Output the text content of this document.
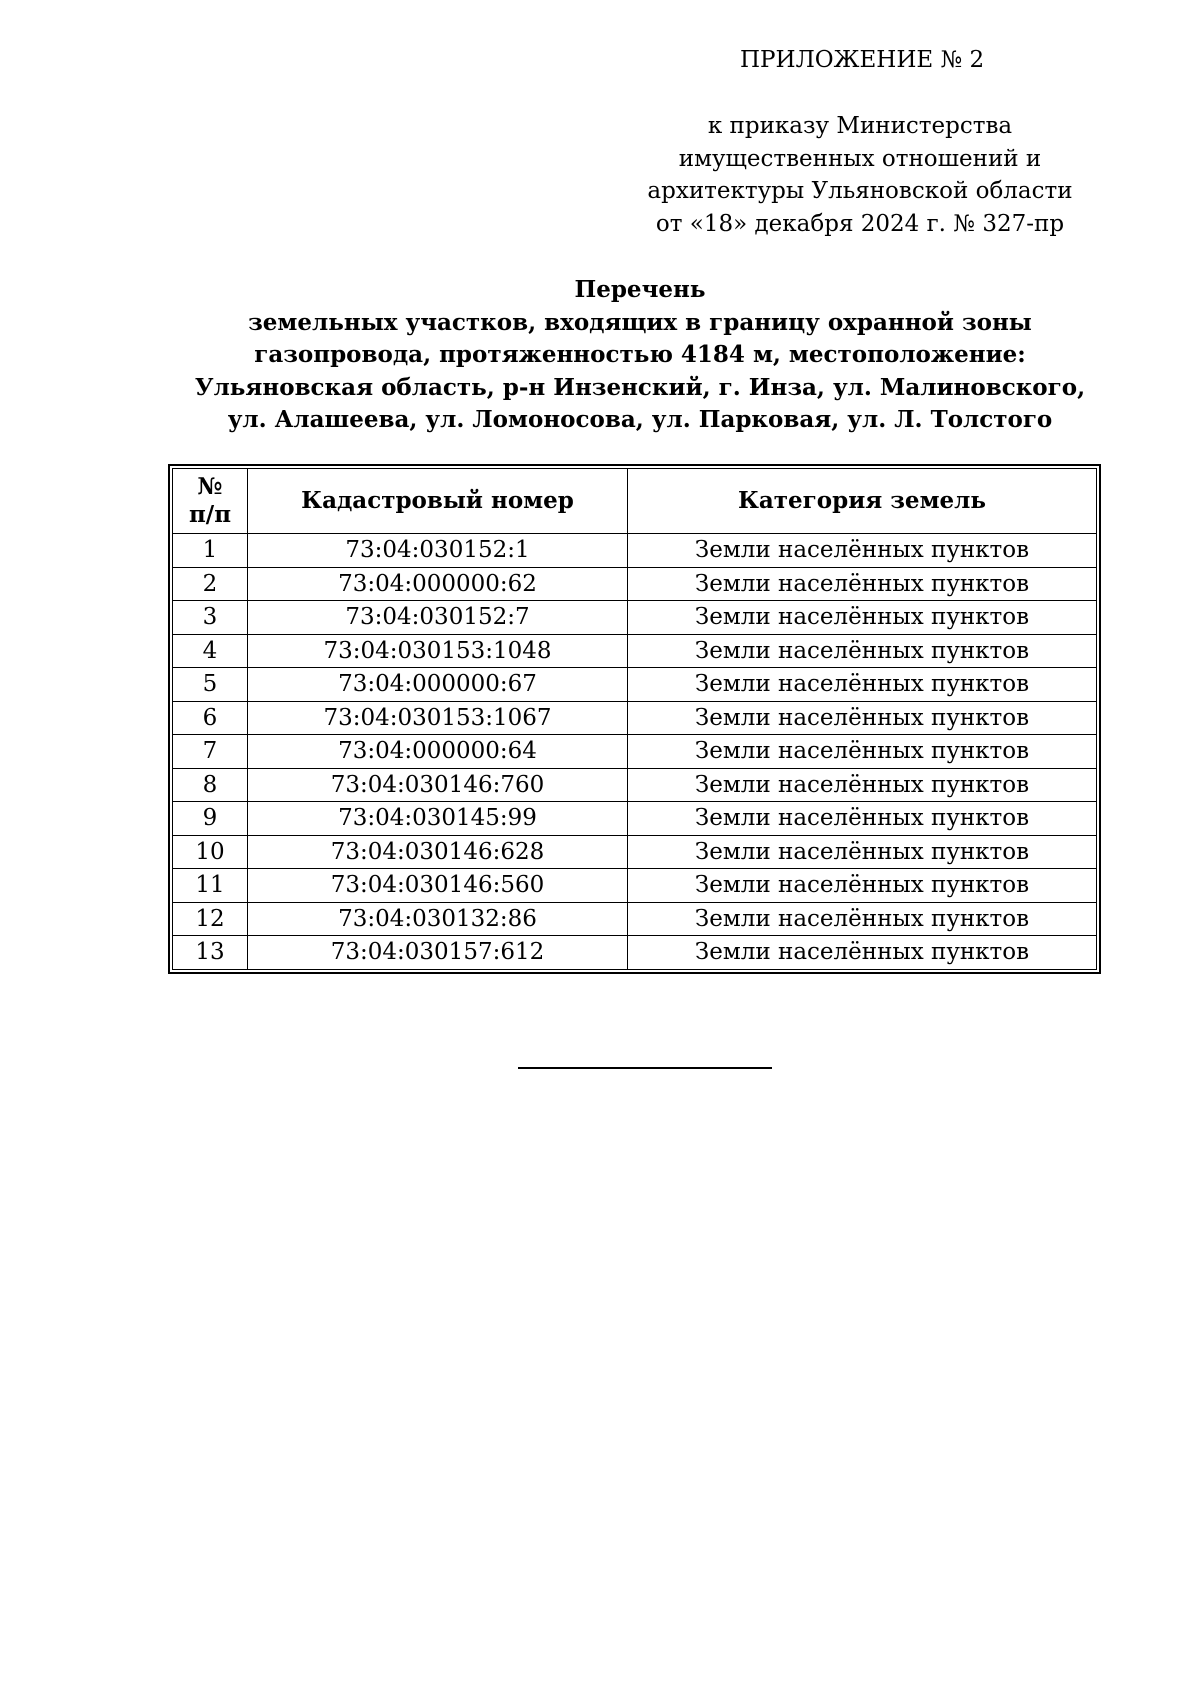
ПРИЛОЖЕНИЕ № 2
к приказу Министерства
имущественных отношений и
архитектуры Ульяновской области
от «18» декабря 2024 г. № 327-пр
Перечень
земельных участков, входящих в границу охранной зоны
газопровода, протяженностью 4184 м, местоположение:
Ульяновская область, р-н Инзенский, г. Инза, ул. Малиновского,
ул. Алашеева, ул. Ломоносова, ул. Парковая, ул. Л. Толстого
№
п/п	Кадастровый номер	Категория земель
1	73:04:030152:1	Земли населённых пунктов
2	73:04:000000:62	Земли населённых пунктов
3	73:04:030152:7	Земли населённых пунктов
4	73:04:030153:1048	Земли населённых пунктов
5	73:04:000000:67	Земли населённых пунктов
6	73:04:030153:1067	Земли населённых пунктов
7	73:04:000000:64	Земли населённых пунктов
8	73:04:030146:760	Земли населённых пунктов
9	73:04:030145:99	Земли населённых пунктов
10	73:04:030146:628	Земли населённых пунктов
11	73:04:030146:560	Земли населённых пунктов
12	73:04:030132:86	Земли населённых пунктов
13	73:04:030157:612	Земли населённых пунктов
